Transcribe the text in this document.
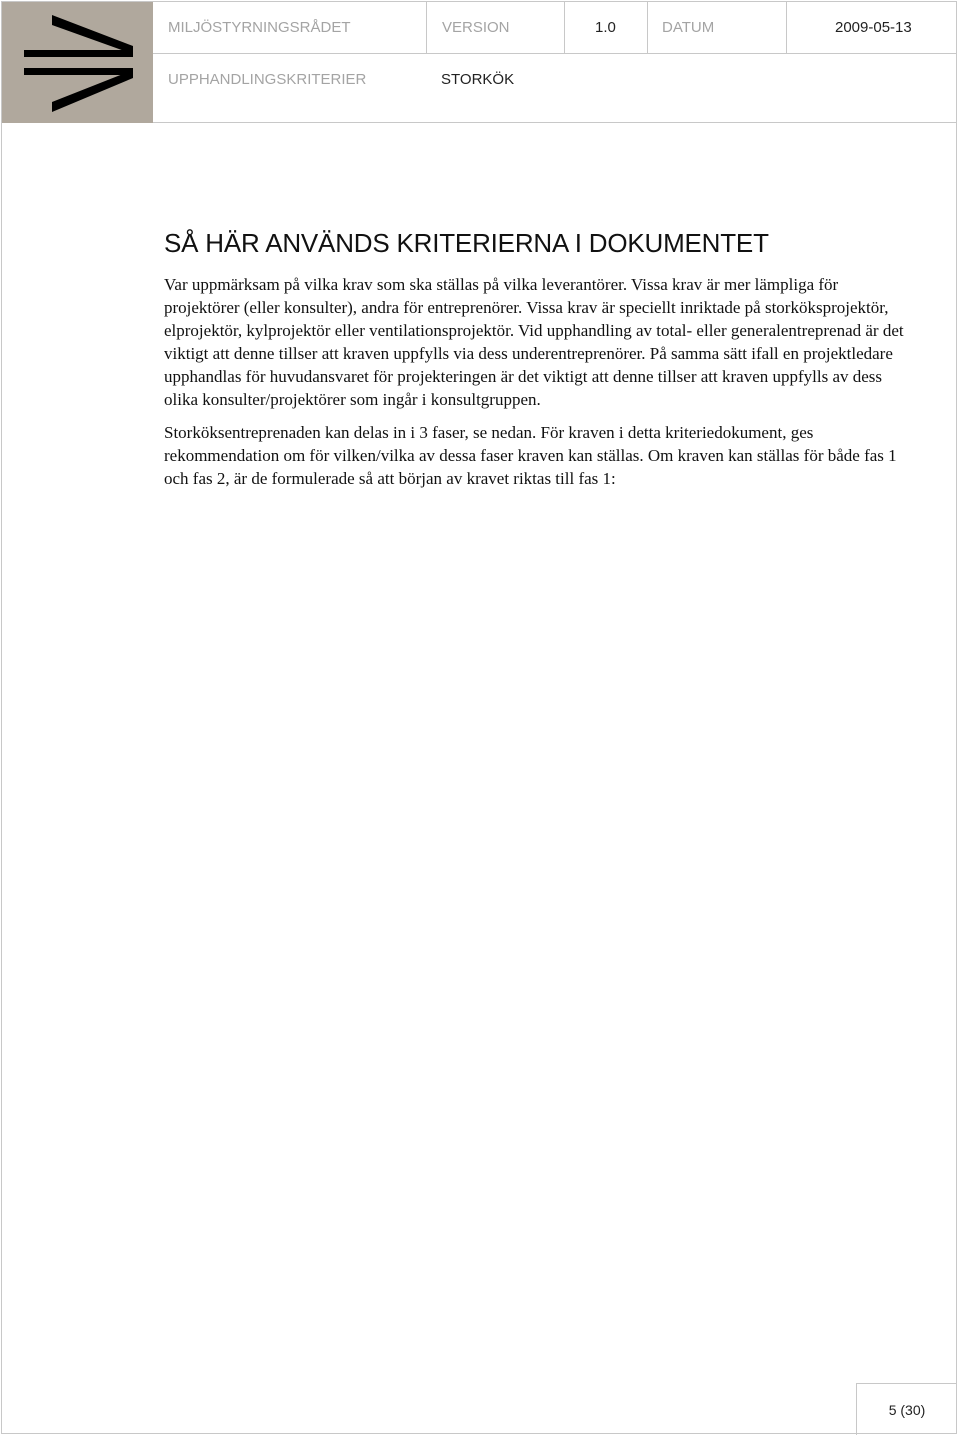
MILJÖSTYRNINGSRÅDET	VERSION	1.0	DATUM	2009-05-13
UPPHANDLINGSKRITERIER	STORKÖK
SÅ HÄR ANVÄNDS KRITERIERNA I DOKUMENTET

Var uppmärksam på vilka krav som ska ställas på vilka leverantörer. Vissa krav är mer lämpliga för projektörer (eller konsulter), andra för entreprenörer. Vissa krav är speciellt inriktade på storköksprojektör, elprojektör, kylprojektör eller ventilationsprojektör. Vid upphandling av total- eller generalentreprenad är det viktigt att denne tillser att kraven uppfylls via dess underentreprenörer. På samma sätt ifall en projektledare upphandlas för huvudansvaret för projekteringen är det viktigt att denne tillser att kraven uppfylls av dess olika konsulter/projektörer som ingår i konsultgruppen.

Storköksentreprenaden kan delas in i 3 faser, se nedan. För kraven i detta kriteriedokument, ges rekommendation om för vilken/vilka av dessa faser kraven kan ställas. Om kraven kan ställas för både fas 1 och fas 2, är de formulerade så att början av kravet riktas till fas 1:

5 (30)
